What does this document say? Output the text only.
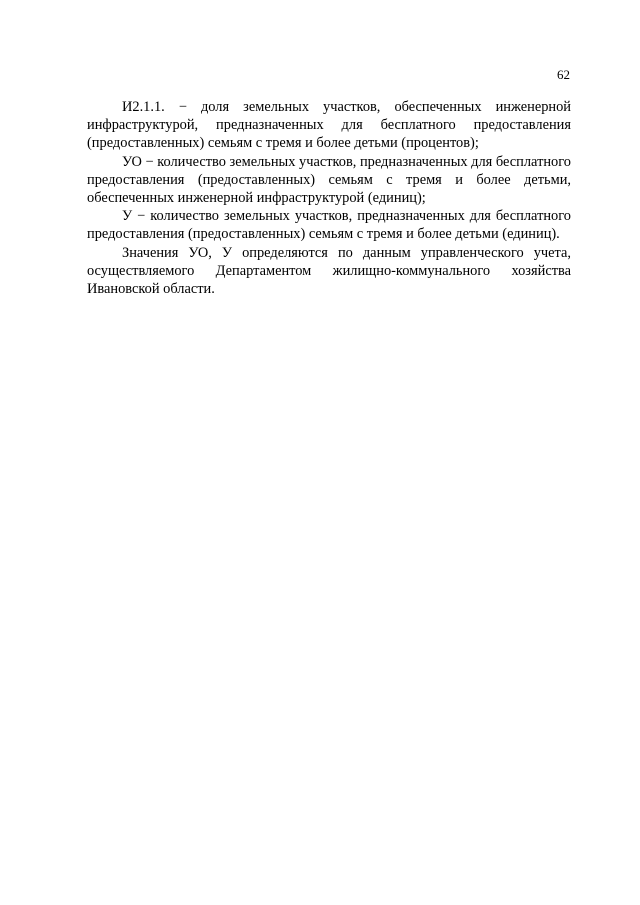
62

И2.1.1. − доля земельных участков, обеспеченных инженерной инфраструктурой, предназначенных для бесплатного предоставления (предоставленных) семьям с тремя и более детьми (процентов);

УО − количество земельных участков, предназначенных для бесплатного предоставления (предоставленных) семьям с тремя и более детьми, обеспеченных инженерной инфраструктурой (единиц);

У − количество земельных участков, предназначенных для бесплатного предоставления (предоставленных) семьям с тремя и более детьми (единиц).

Значения УО, У определяются по данным управленческого учета, осуществляемого Департаментом жилищно-коммунального хозяйства Ивановской области.
